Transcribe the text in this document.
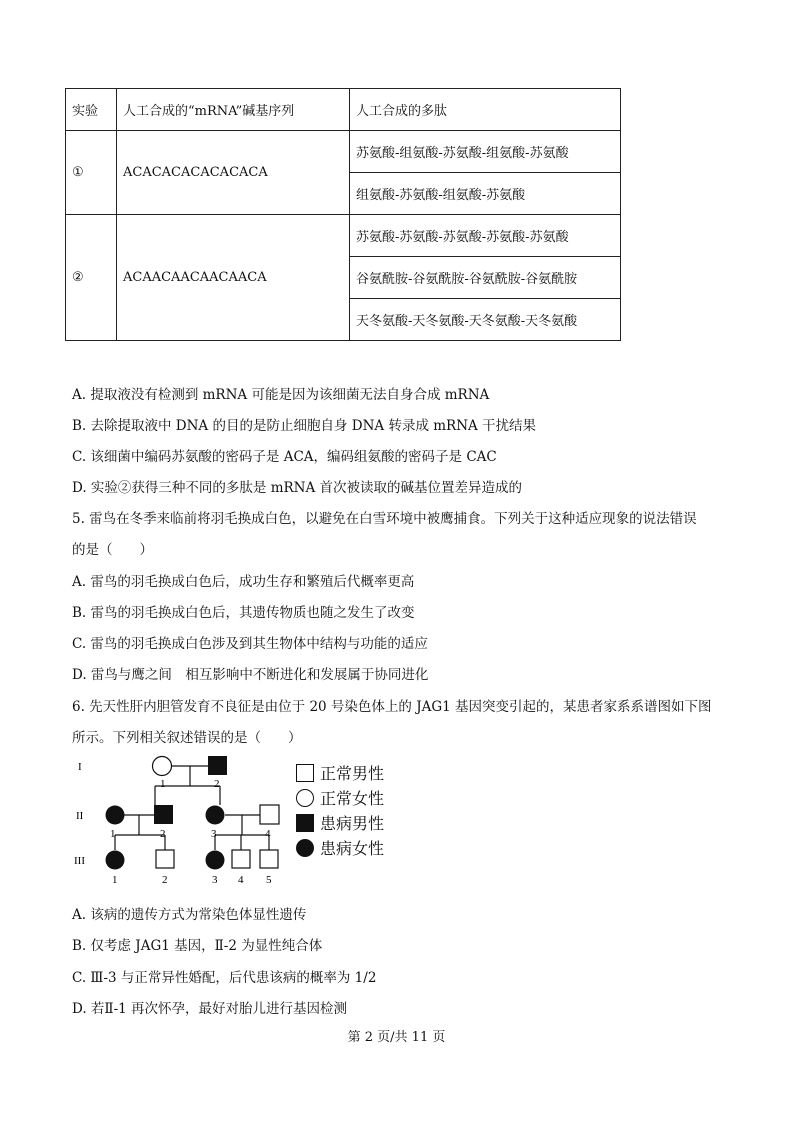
实验	人工合成的“mRNA”碱基序列	人工合成的多肽
①	ACACACACACACACA	苏氨酸-组氨酸-苏氨酸-组氨酸-苏氨酸
		组氨酸-苏氨酸-组氨酸-苏氨酸
②	ACAACAACAACAACA	苏氨酸-苏氨酸-苏氨酸-苏氨酸-苏氨酸
		谷氨酰胺-谷氨酰胺-谷氨酰胺-谷氨酰胺
		天冬氨酸-天冬氨酸-天冬氨酸-天冬氨酸
A. 提取液没有检测到 mRNA 可能是因为该细菌无法自身合成 mRNA
B. 去除提取液中 DNA 的目的是防止细胞自身 DNA 转录成 mRNA 干扰结果
C. 该细菌中编码苏氨酸的密码子是 ACA，编码组氨酸的密码子是 CAC
D. 实验②获得三种不同的多肽是 mRNA 首次被读取的碱基位置差异造成的
5. 雷鸟在冬季来临前将羽毛换成白色，以避免在白雪环境中被鹰捕食。下列关于这种适应现象的说法错误
的是（　　）
A. 雷鸟的羽毛换成白色后，成功生存和繁殖后代概率更高
B. 雷鸟的羽毛换成白色后，其遗传物质也随之发生了改变
C. 雷鸟的羽毛换成白色涉及到其生物体中结构与功能的适应
D. 雷鸟与鹰之间　相互影响中不断进化和发展属于协同进化
6. 先天性肝内胆管发育不良征是由位于 20 号染色体上的 JAG1 基因突变引起的，某患者家系系谱图如下图
所示。下列相关叙述错误的是（　　）
I
II
III
1	2
1	2	3	4
1	2	3 4 5
正常男性
正常女性
患病男性
患病女性
A. 该病的遗传方式为常染色体显性遗传
B. 仅考虑 JAG1 基因，Ⅱ-2 为显性纯合体
C. Ⅲ-3 与正常异性婚配，后代患该病的概率为 1/2
D. 若Ⅱ-1 再次怀孕，最好对胎儿进行基因检测
第 2 页/共 11 页
